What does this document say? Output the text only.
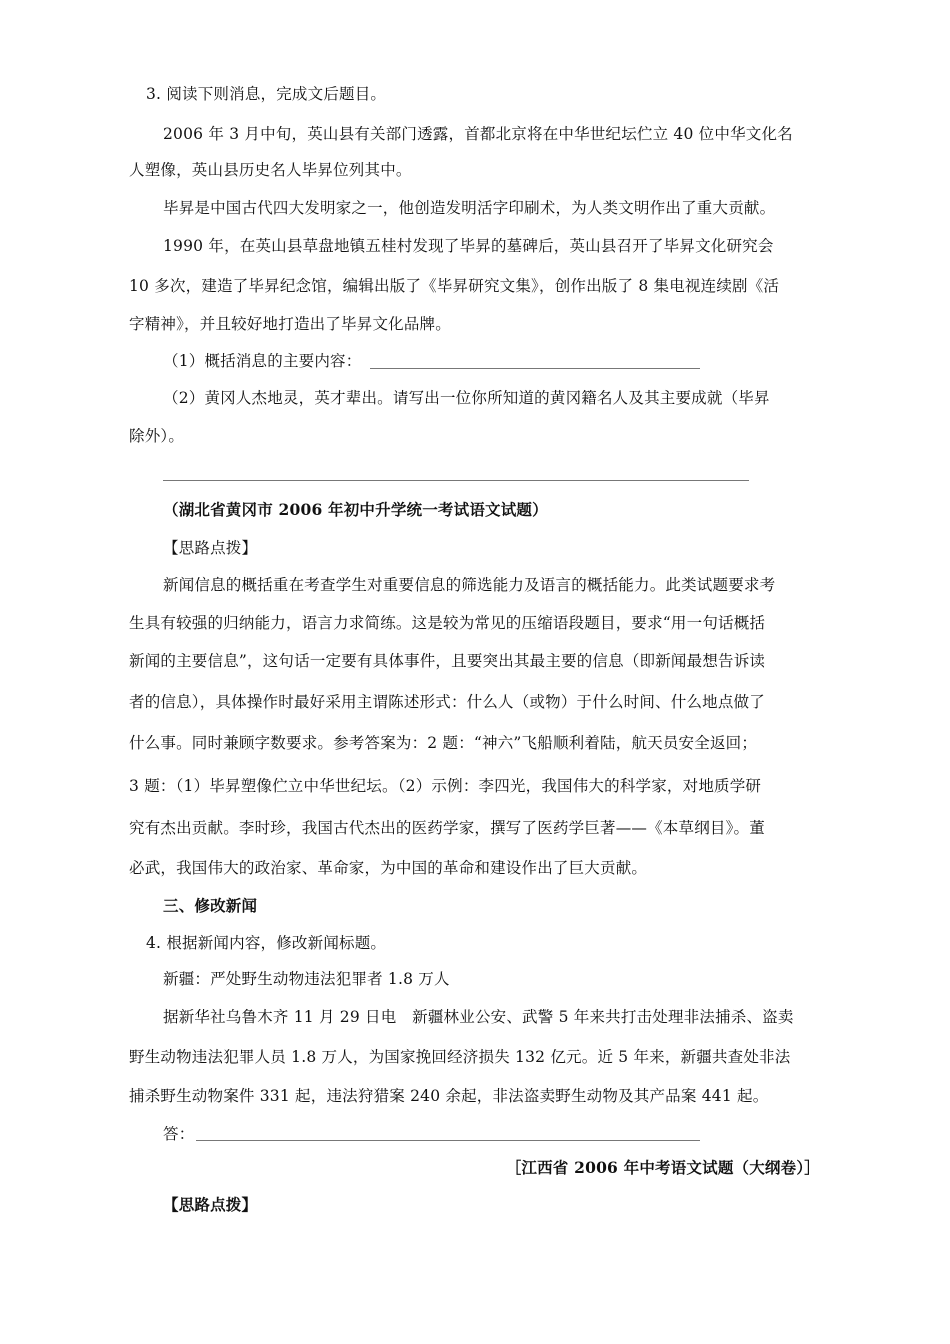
3. 阅读下则消息，完成文后题目。
2006 年 3 月中旬，英山县有关部门透露，首都北京将在中华世纪坛伫立 40 位中华文化名
人塑像，英山县历史名人毕昇位列其中。
毕昇是中国古代四大发明家之一，他创造发明活字印刷术，为人类文明作出了重大贡献。
1990 年，在英山县草盘地镇五桂村发现了毕昇的墓碑后，英山县召开了毕昇文化研究会
10 多次，建造了毕昇纪念馆，编辑出版了《毕昇研究文集》，创作出版了 8 集电视连续剧《活
字精神》，并且较好地打造出了毕昇文化品牌。
（1）概括消息的主要内容：
（2）黄冈人杰地灵，英才辈出。请写出一位你所知道的黄冈籍名人及其主要成就（毕昇
除外）。
（湖北省黄冈市 2006 年初中升学统一考试语文试题）
【思路点拨】
新闻信息的概括重在考查学生对重要信息的筛选能力及语言的概括能力。此类试题要求考
生具有较强的归纳能力，语言力求简练。这是较为常见的压缩语段题目，要求“用一句话概括
新闻的主要信息”，这句话一定要有具体事件，且要突出其最主要的信息（即新闻最想告诉读
者的信息），具体操作时最好采用主谓陈述形式：什么人（或物）于什么时间、什么地点做了
什么事。同时兼顾字数要求。参考答案为：2 题：“神六”飞船顺利着陆，航天员安全返回；
3 题：（1）毕昇塑像伫立中华世纪坛。（2）示例：李四光，我国伟大的科学家，对地质学研
究有杰出贡献。李时珍，我国古代杰出的医药学家，撰写了医药学巨著——《本草纲目》。董
必武，我国伟大的政治家、革命家，为中国的革命和建设作出了巨大贡献。
三、修改新闻
4. 根据新闻内容，修改新闻标题。
新疆：严处野生动物违法犯罪者 1.8 万人
据新华社乌鲁木齐 11 月 29 日电　新疆林业公安、武警 5 年来共打击处理非法捕杀、盗卖
野生动物违法犯罪人员 1.8 万人，为国家挽回经济损失 132 亿元。近 5 年来，新疆共查处非法
捕杀野生动物案件 331 起，违法狩猎案 240 余起，非法盗卖野生动物及其产品案 441 起。
答：
［江西省 2006 年中考语文试题（大纲卷）］
【思路点拨】
